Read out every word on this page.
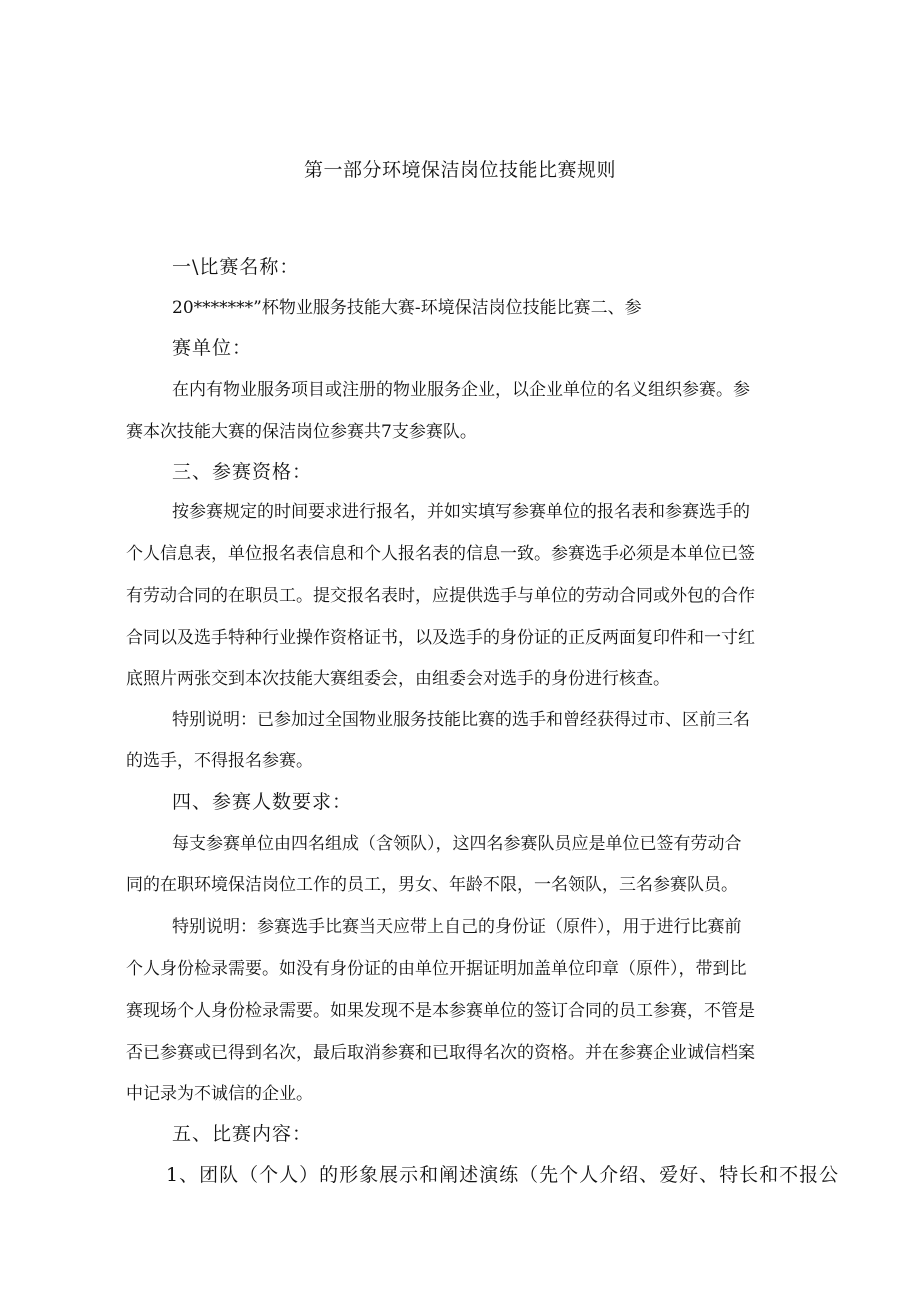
第一部分环境保洁岗位技能比赛规则
一\比赛名称：
20*******”杯物业服务技能大赛-环境保洁岗位技能比赛二、参
赛单位：
在内有物业服务项目或注册的物业服务企业，以企业单位的名义组织参赛。参
赛本次技能大赛的保洁岗位参赛共7支参赛队。
三、参赛资格：
按参赛规定的时间要求进行报名，并如实填写参赛单位的报名表和参赛选手的
个人信息表，单位报名表信息和个人报名表的信息一致。参赛选手必须是本单位已签
有劳动合同的在职员工。提交报名表时，应提供选手与单位的劳动合同或外包的合作
合同以及选手特种行业操作资格证书，以及选手的身份证的正反两面复印件和一寸红
底照片两张交到本次技能大赛组委会，由组委会对选手的身份进行核查。
特别说明：已参加过全国物业服务技能比赛的选手和曾经获得过市、区前三名
的选手，不得报名参赛。
四、参赛人数要求：
每支参赛单位由四名组成（含领队），这四名参赛队员应是单位已签有劳动合
同的在职环境保洁岗位工作的员工，男女、年龄不限，一名领队，三名参赛队员。
特别说明：参赛选手比赛当天应带上自己的身份证（原件），用于进行比赛前
个人身份检录需要。如没有身份证的由单位开据证明加盖单位印章（原件），带到比
赛现场个人身份检录需要。如果发现不是本参赛单位的签订合同的员工参赛，不管是
否已参赛或已得到名次，最后取消参赛和已取得名次的资格。并在参赛企业诚信档案
中记录为不诚信的企业。
五、比赛内容：
1、团队（个人）的形象展示和阐述演练（先个人介绍、爱好、特长和不报公
